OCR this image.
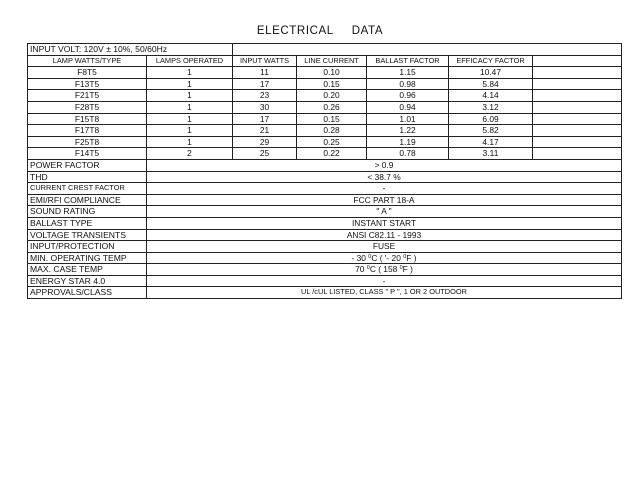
ELECTRICAL DATA
INPUT VOLT: 120V ± 10%, 50/60Hz						
LAMP WATTS/TYPE	LAMPS OPERATED	INPUT WATTS	LINE CURRENT	BALLAST FACTOR	EFFICACY FACTOR	
F8T5	1	11	0.10	1.15	10.47	
F13T5	1	17	0.15	0.98	5.84	
F21T5	1	23	0.20	0.96	4.14	
F28T5	1	30	0.26	0.94	3.12	
F15T8	1	17	0.15	1.01	6.09	
F17T8	1	21	0.28	1.22	5.82	
F25T8	1	29	0.25	1.19	4.17	
F14T5	2	25	0.22	0.78	3.11	
POWER FACTOR	> 0.9					
THD	< 38.7 %					
CURRENT CREST FACTOR	-					
EMI/RFI COMPLIANCE	FCC PART 18-A					
SOUND RATING	" A "					
BALLAST TYPE	INSTANT START					
VOLTAGE TRANSIENTS	ANSI C82.11 - 1993					
INPUT/PROTECTION	FUSE					
MIN. OPERATING TEMP	- 30 $^0$C ( '- 20 $^0$F )					
MAX. CASE TEMP	70 $^0$C ( 158 $^0$F )					
ENERGY STAR 4.0	-					
APPROVALS/CLASS	UL /cUL LISTED, CLASS " P ", 1 OR 2 OUTDOOR					
